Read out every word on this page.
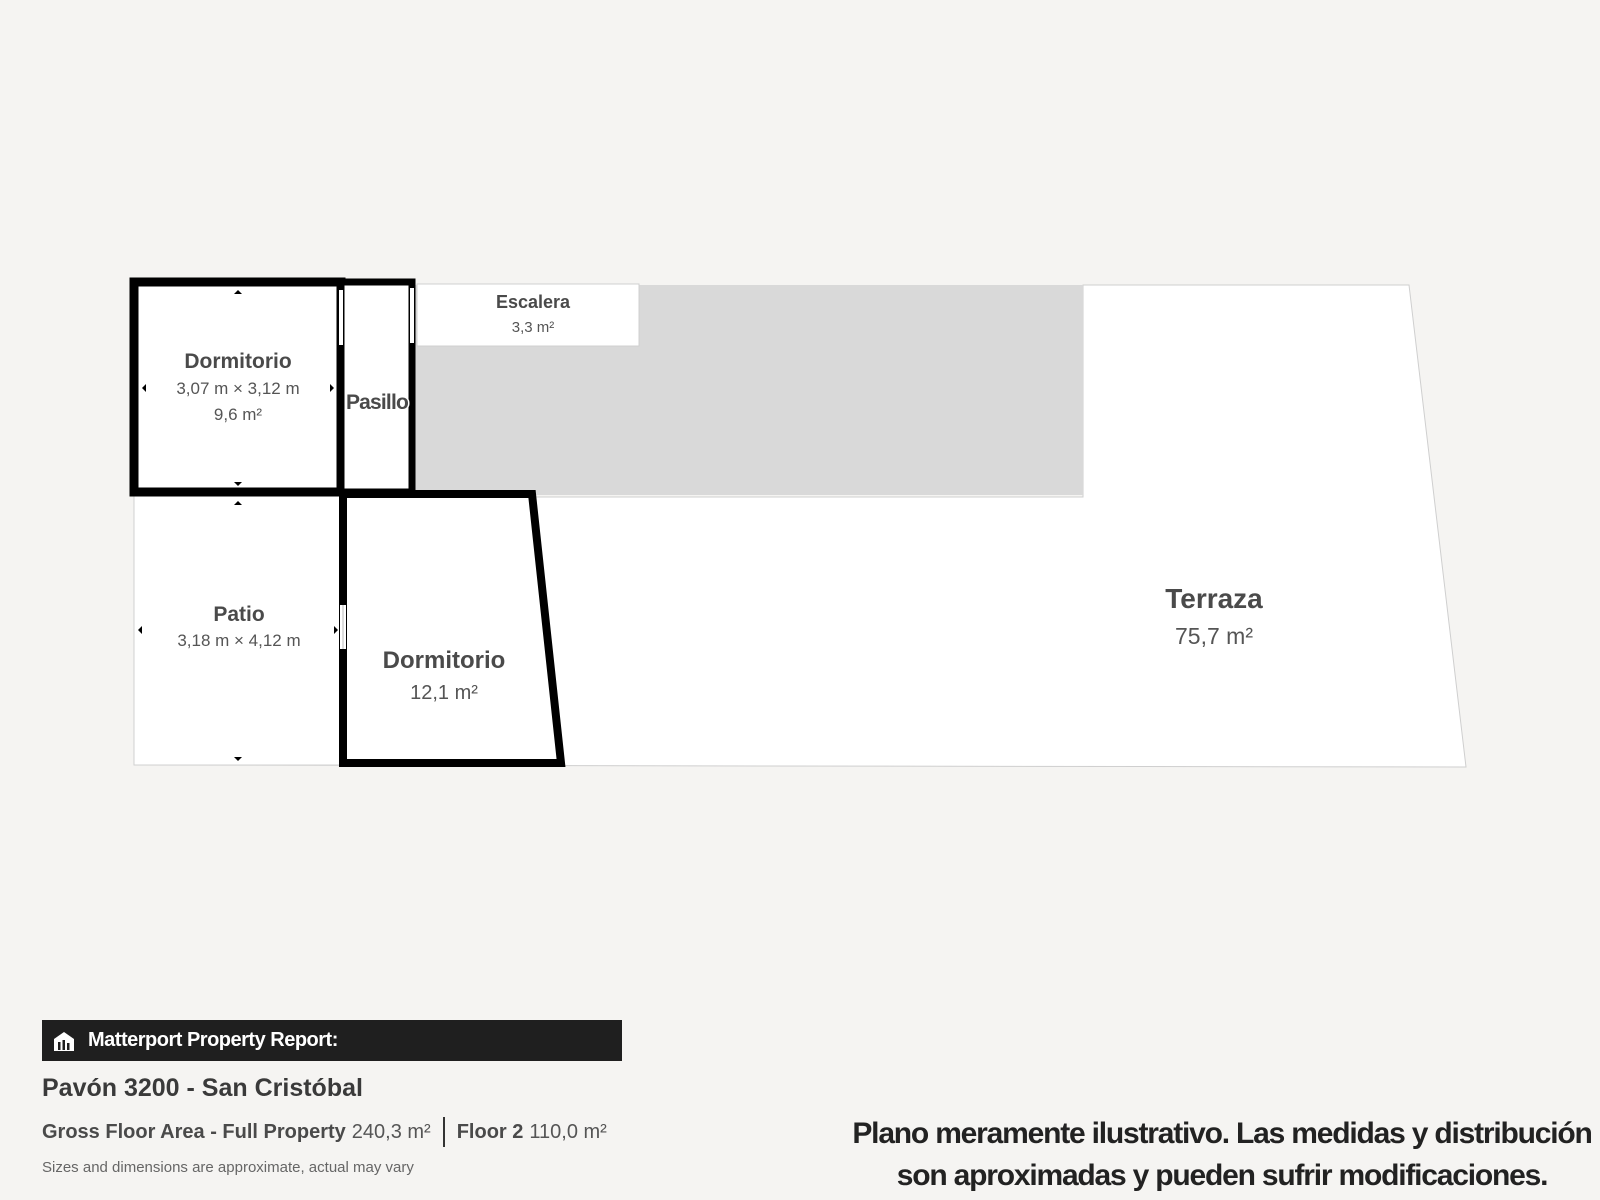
Dormitorio
3,07 m × 3,12 m
9,6 m²
Pasillo
Escalera
3,3 m²
Patio
3,18 m × 4,12 m
Dormitorio
12,1 m²
Terraza
75,7 m²
Matterport Property Report:
Pavón 3200 - San Cristóbal
Gross Floor Area - Full Property 240,3 m² Floor 2 110,0 m²
Sizes and dimensions are approximate, actual may vary
Plano meramente ilustrativo. Las medidas y distribución
son aproximadas y pueden sufrir modificaciones.
